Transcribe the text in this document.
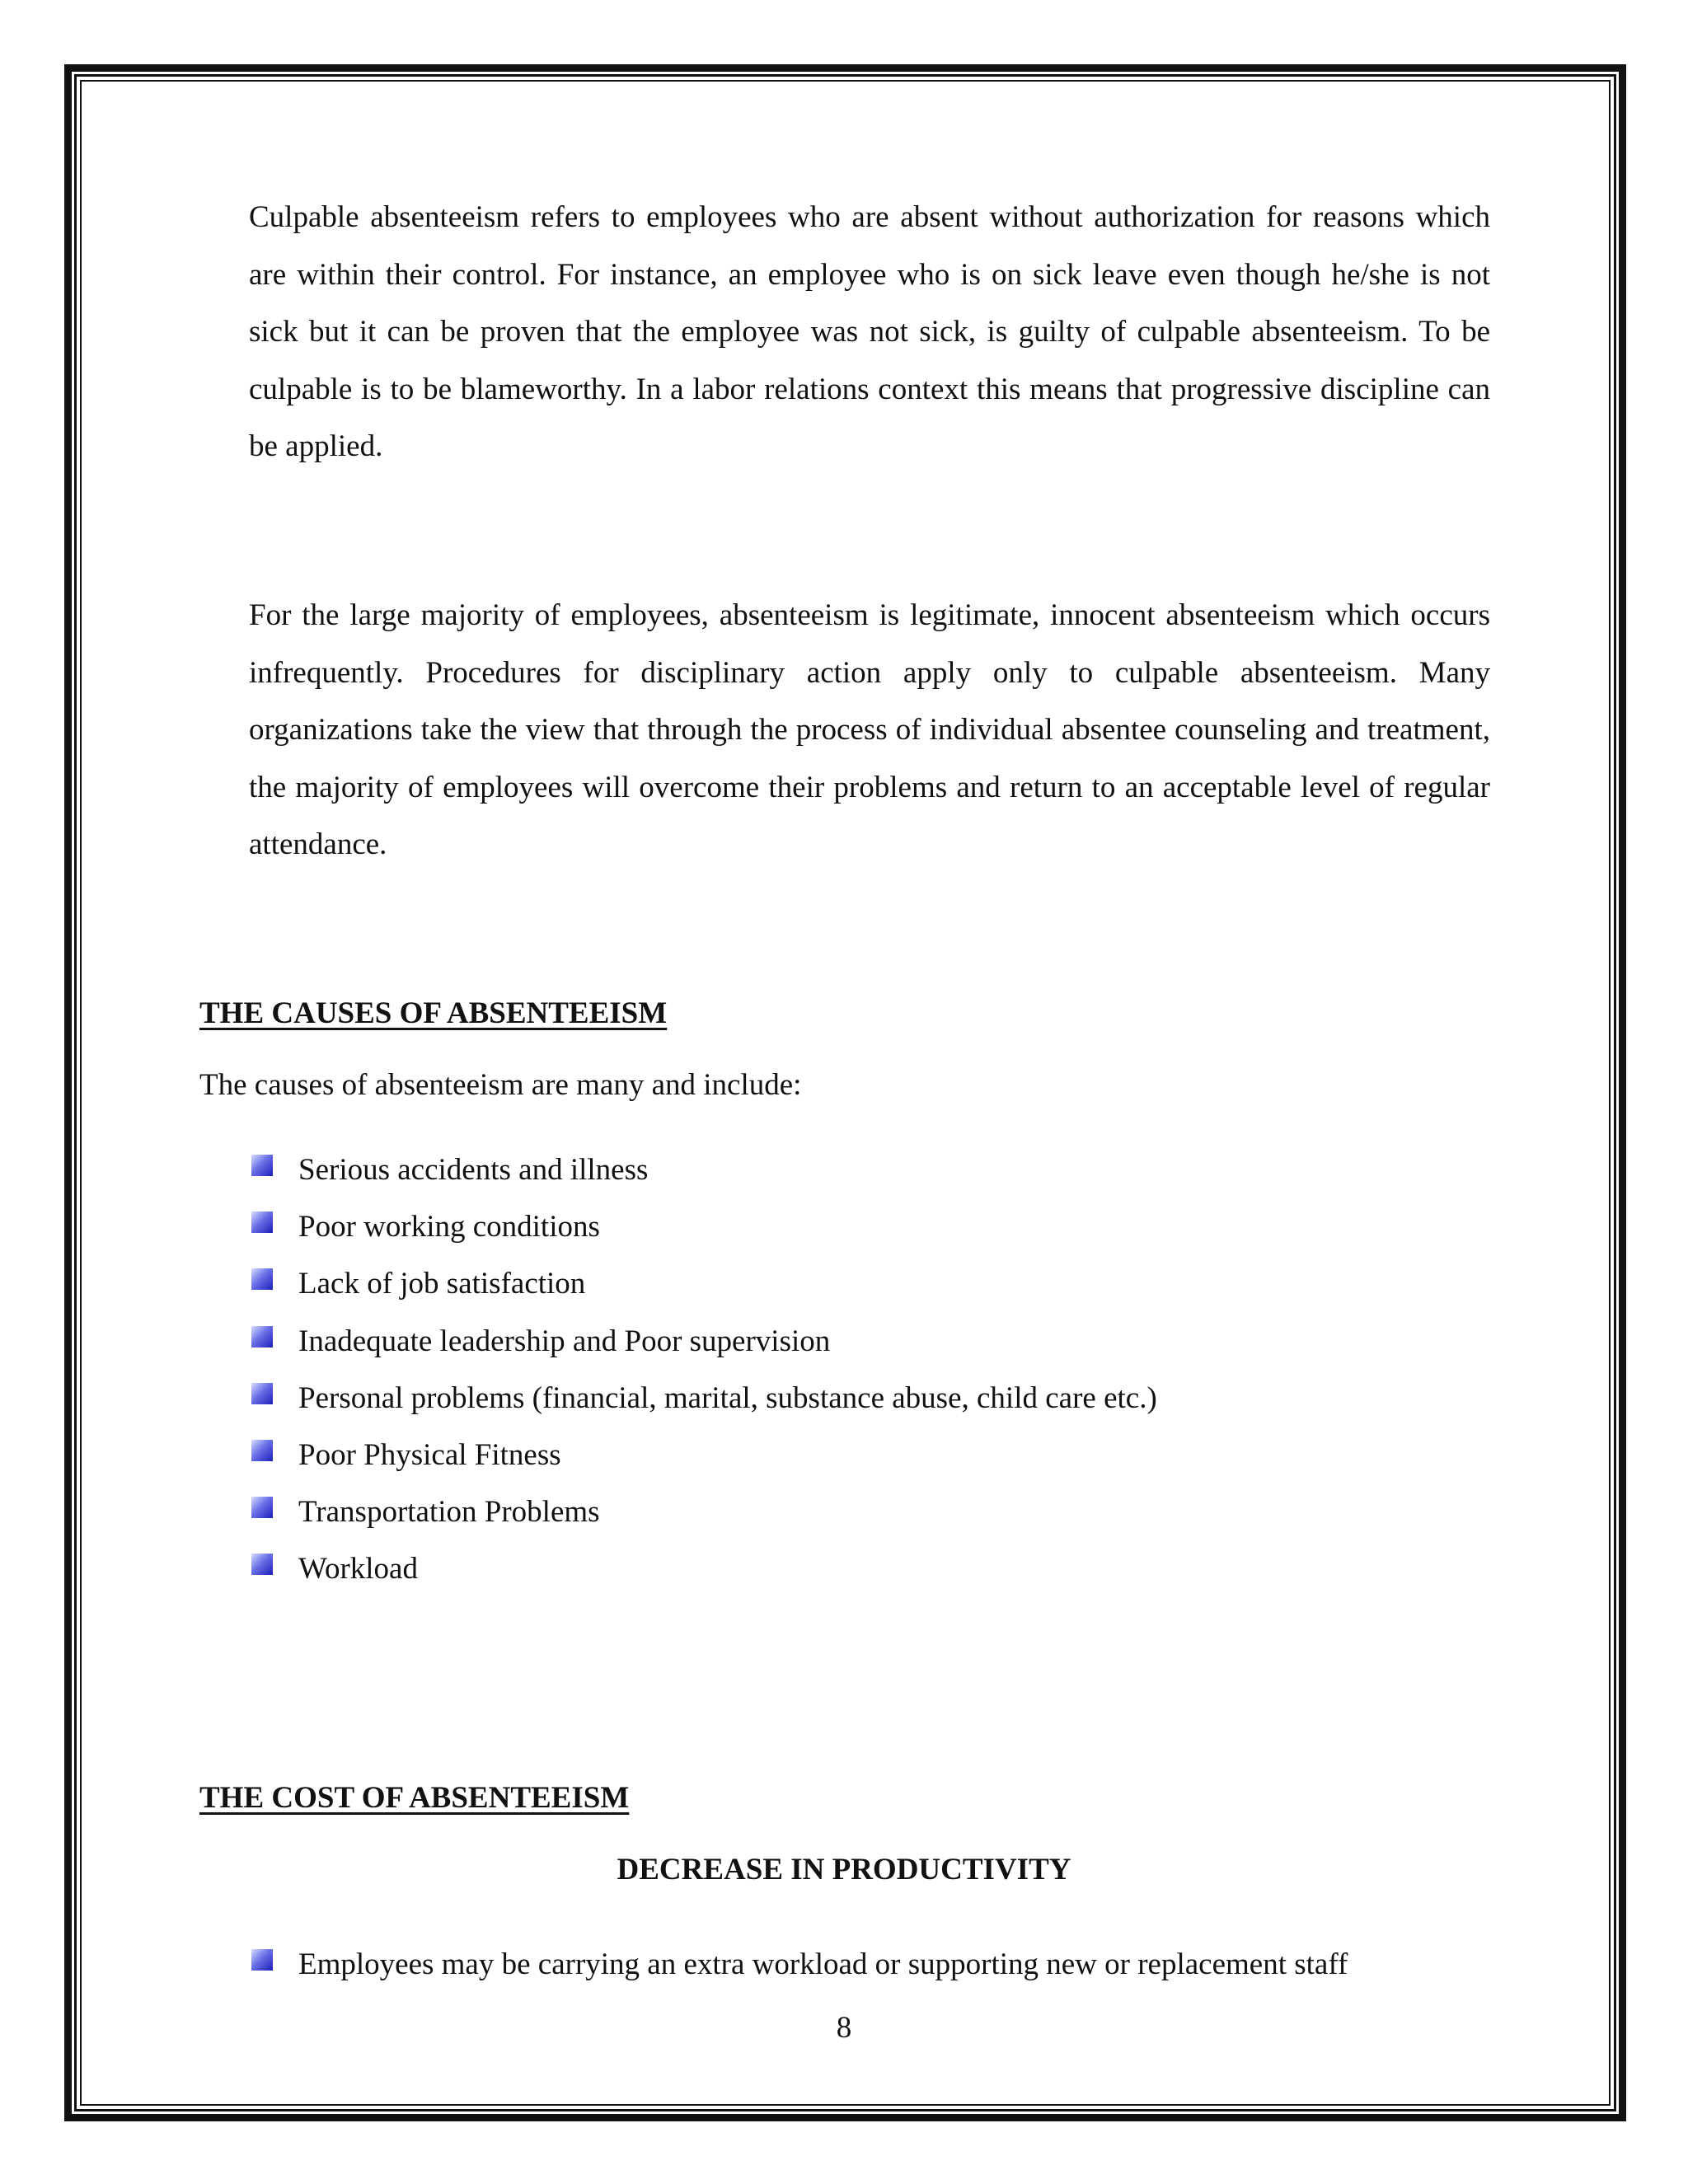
Culpable absenteeism refers to employees who are absent without authorization for reasons which are within their control. For instance, an employee who is on sick leave even though he/she is not sick but it can be proven that the employee was not sick, is guilty of culpable absenteeism. To be culpable is to be blameworthy. In a labor relations context this means that progressive discipline can be applied.

For the large majority of employees, absenteeism is legitimate, innocent absenteeism which occurs infrequently. Procedures for disciplinary action apply only to culpable absenteeism. Many organizations take the view that through the process of individual absentee counseling and treatment, the majority of employees will overcome their problems and return to an acceptable level of regular attendance.

THE CAUSES OF ABSENTEEISM

The causes of absenteeism are many and include:

Serious accidents and illness
Poor working conditions
Lack of job satisfaction
Inadequate leadership and Poor supervision
Personal problems (financial, marital, substance abuse, child care etc.)
Poor Physical Fitness
Transportation Problems
Workload
THE COST OF ABSENTEEISM
DECREASE IN PRODUCTIVITY
Employees may be carrying an extra workload or supporting new or replacement staff
8
